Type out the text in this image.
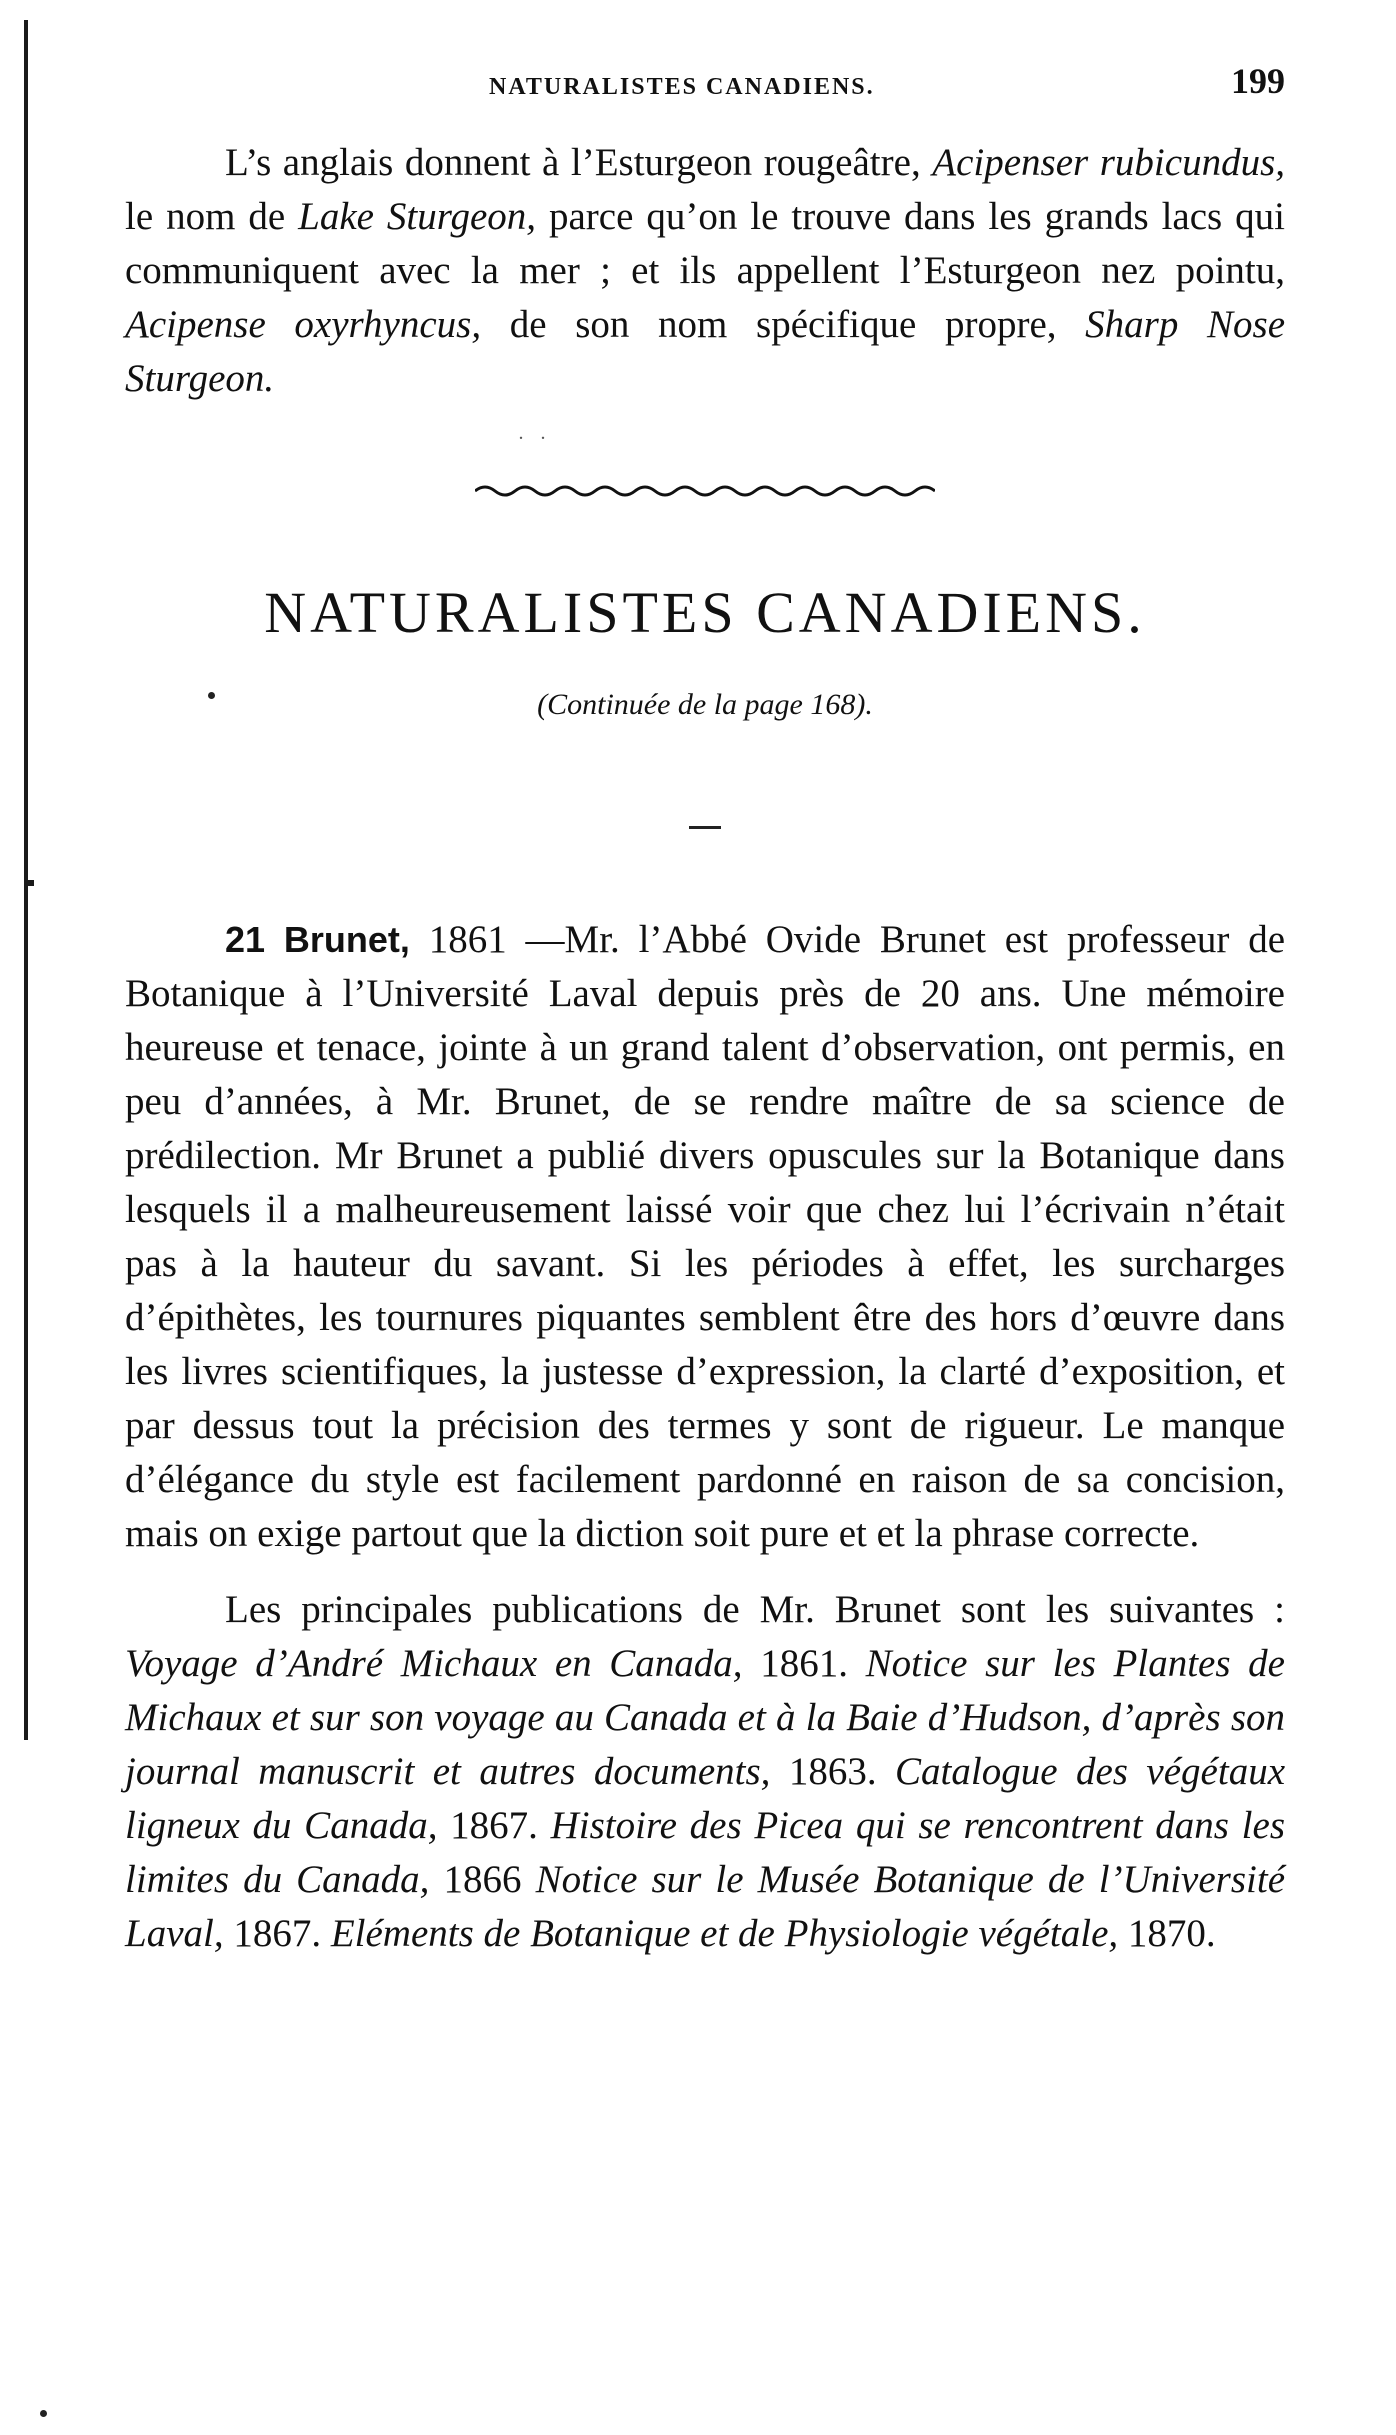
NATURALISTES CANADIENS.	199

L’s anglais donnent à l’Esturgeon rougeâtre, Acipenser rubicundus, le nom de Lake Sturgeon, parce qu’on le trouve dans les grands lacs qui communiquent avec la mer ; et ils appellent l’Esturgeon nez pointu, Acipense oxyrhyncus, de son nom spécifique propre, Sharp Nose Sturgeon.

. .
NATURALISTES CANADIENS.
(Continuée de la page 168).

21 Brunet, 1861 —Mr. l’Abbé Ovide Brunet est professeur de Botanique à l’Université Laval depuis près de 20 ans. Une mémoire heureuse et tenace, jointe à un grand talent d’observation, ont permis, en peu d’années, à Mr. Brunet, de se rendre maître de sa science de prédilection. Mr Brunet a publié divers opuscules sur la Botanique dans lesquels il a malheureusement laissé voir que chez lui l’écrivain n’était pas à la hauteur du savant. Si les périodes à effet, les surcharges d’épithètes, les tournures piquantes semblent être des hors d’œuvre dans les livres scientifiques, la justesse d’expression, la clarté d’exposition, et par dessus tout la précision des termes y sont de rigueur. Le manque d’élégance du style est facilement pardonné en raison de sa concision, mais on exige partout que la diction soit pure et et la phrase correcte.

Les principales publications de Mr. Brunet sont les suivantes : Voyage d’André Michaux en Canada, 1861. Notice sur les Plantes de Michaux et sur son voyage au Canada et à la Baie d’Hudson, d’après son journal manuscrit et autres documents, 1863. Catalogue des végétaux ligneux du Canada, 1867. Histoire des Picea qui se rencontrent dans les limites du Canada, 1866 Notice sur le Musée Botanique de l’Université Laval, 1867. Eléments de Botanique et de Physiologie végétale, 1870.
